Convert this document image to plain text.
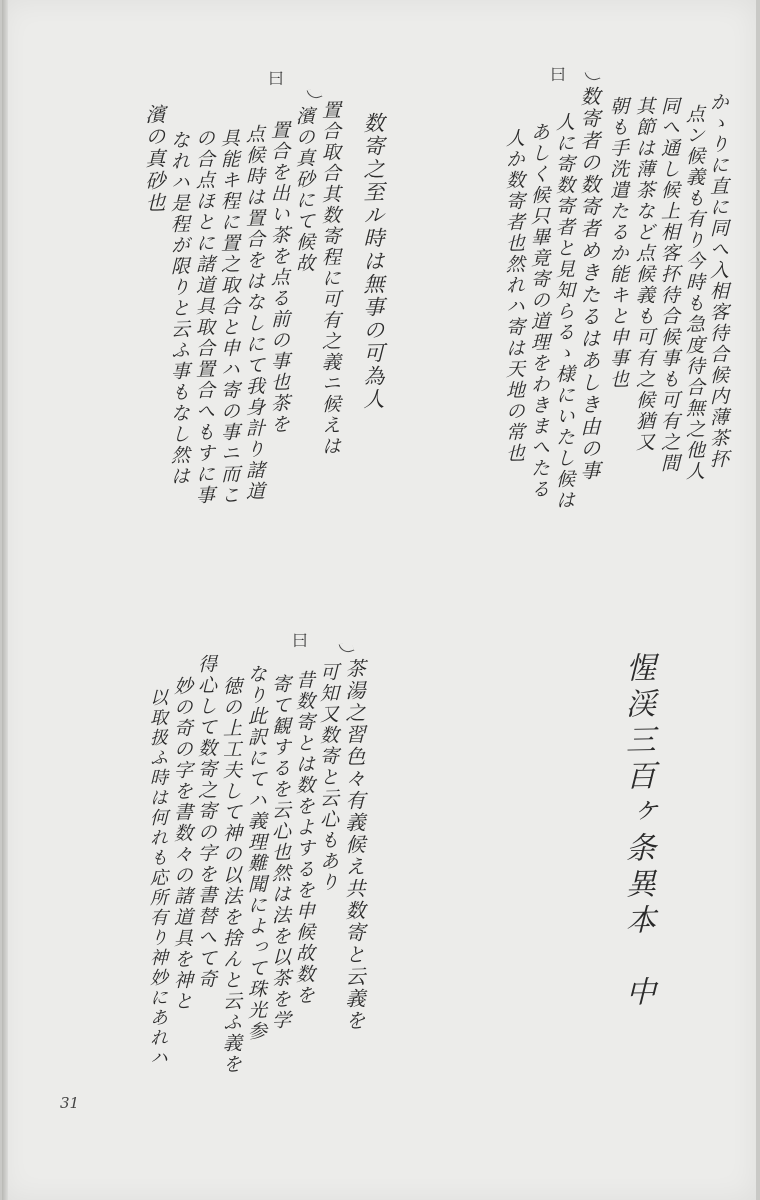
曰
かゝりに直に同へ入相客待合候内薄茶抔
点ン候義も有り今時も急度待合無之他人
同へ通し候上相客抔待合候事も可有之間
其節は薄茶など点候義も可有之候猶又
朝も手洗遣たるか能キと申事也
数寄者の数寄者めきたるはあしき由の事
人に寄数寄者と見知らるゝ様にいたし候は
あしく候只畢竟寄の道理をわきまへたる
人か数寄者也然れハ寄は天地の常也
曰
数寄之至ル時は無事の可為人
置合取合其数寄程に可有之義ニ候えは
濱の真砂にて候故
置合を出い茶を点る前の事也茶を
点候時は置合をはなしにて我身計り諸道
具能キ程に置之取合と申ハ寄の事ニ而こ
の合点ほとに諸道具取合置合へもすに事
なれハ是程が限りと云ふ事もなし然は
濱の真砂也
惺渓三百ヶ条異本　中
曰
茶湯之習色々有義候え共数寄と云義を
可知又数寄と云心もあり
昔数寄とは数をよするを申候故数を
寄て観するを云心也然は法を以茶を学
なり此訳にてハ義理難聞によって珠光参
徳の上工夫して神の以法を捨んと云ふ義を
得心して数寄之寄の字を書替へて奇
妙の奇の字を書数々の諸道具を神と
以取扱ふ時は何れも応所有り神妙にあれハ
31
